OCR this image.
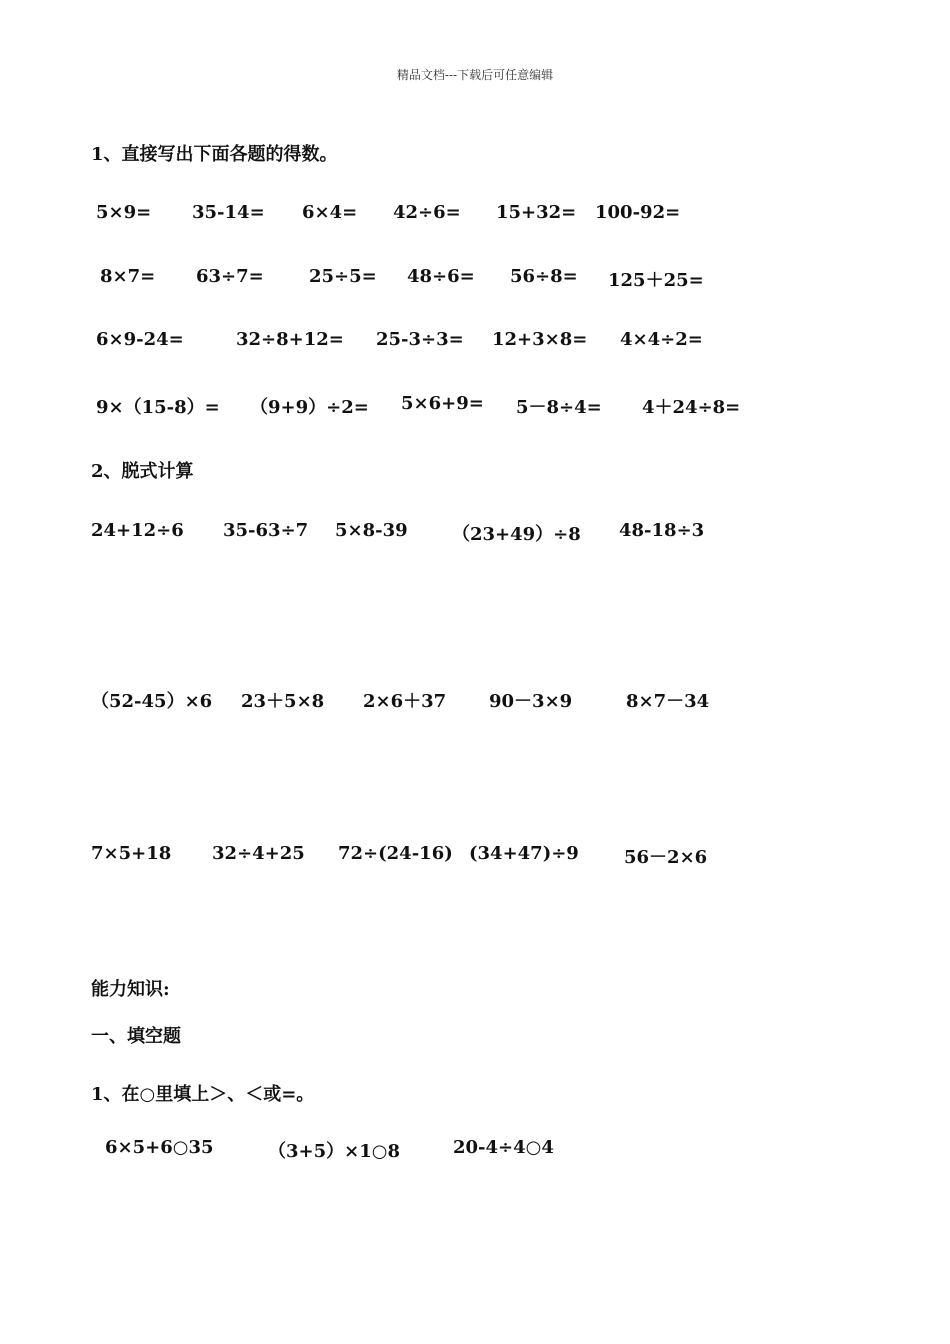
精品文档---下载后可任意编辑
1、直接写出下面各题的得数。
5×9= 35-14= 6×4= 42÷6= 15+32= 100-92=
8×7= 63÷7=	25÷5= 48÷6= 56÷8= 125＋25=
6×9-24=	32÷8+12= 25-3÷3= 12+3×8= 4×4÷2=
9×（15-8）= （9+9）÷2= 5×6+9= 5－8÷4= 4＋24÷8=
2、脱式计算
24+12÷6 35-63÷7 5×8-39 （23+49）÷8 48-18÷3
（52-45）×6 23＋5×8 2×6＋37 90－3×9	8×7－34
7×5+18 32÷4+25 72÷(24-16) (34+47)÷9	56－2×6
能力知识:
一、填空题
1、在○里填上＞、＜或=。
6×5+6○35	（3+5）×1○8	20-4÷4○4
